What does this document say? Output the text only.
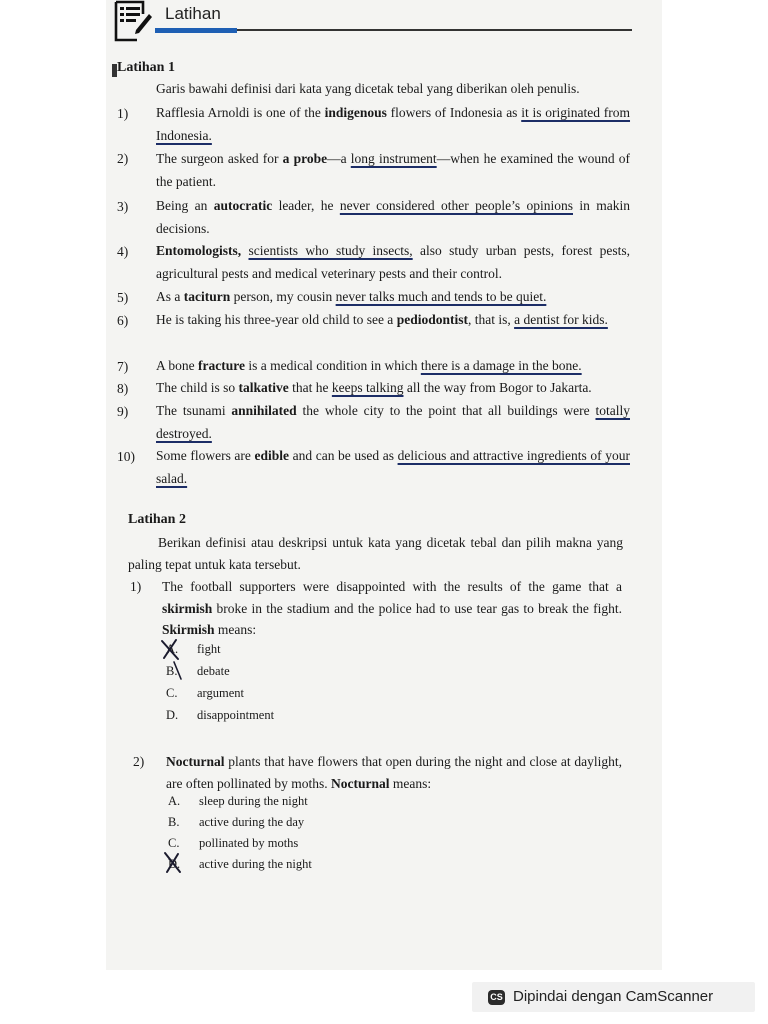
Latihan
Latihan 1
Garis bawahi definisi dari kata yang dicetak tebal yang diberikan oleh penulis.
1)	Rafflesia Arnoldi is one of the indigenous flowers of Indonesia as it is originated from Indonesia.
2)	The surgeon asked for a probe—a long instrument—when he examined the wound of the patient.
3)	Being an autocratic leader, he never considered other people’s opinions in makin decisions.
4)	Entomologists, scientists who study insects, also study urban pests, forest pests, agricultural pests and medical veterinary pests and their control.
5)	As a taciturn person, my cousin never talks much and tends to be quiet.
6)	He is taking his three-year old child to see a pediodontist, that is, a dentist for kids.
7)	A bone fracture is a medical condition in which there is a damage in the bone.
8)	The child is so talkative that he keeps talking all the way from Bogor to Jakarta.
9)	The tsunami annihilated the whole city to the point that all buildings were totally destroyed.
10)	Some flowers are edible and can be used as delicious and attractive ingredients of your salad.
Latihan 2
Berikan definisi atau deskripsi untuk kata yang dicetak tebal dan pilih makna yang paling tepat untuk kata tersebut.
1)	The football supporters were disappointed with the results of the game that a skirmish broke in the stadium and the police had to use tear gas to break the fight. Skirmish means:
A. fight
B. debate
C. argument
D. disappointment
2)	Nocturnal plants that have flowers that open during the night and close at daylight, are often pollinated by moths. Nocturnal means:
A. sleep during the night
B. active during the day
C. pollinated by moths
D. active during the night
CS Dipindai dengan CamScanner
